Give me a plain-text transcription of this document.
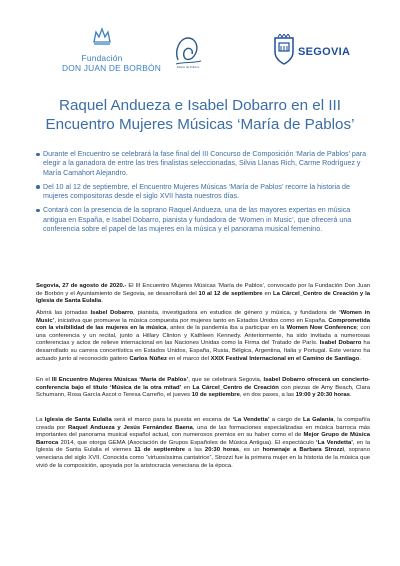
Fundación
DON JUAN DE BORBÓN	María de Pablos
SEGOVIA
Raquel Andueza e Isabel Dobarro en el III Encuentro Mujeres Músicas ‘María de Pablos’
Durante el Encuentro se celebrará la fase final del III Concurso de Composición ‘María de Pablos’ para elegir a la ganadora de entre las tres finalistas seleccionadas, Silvia Llanas Rich, Carme Rodríguez y María Camahort Alejandro.
Del 10 al 12 de septiembre, el Encuentro Mujeres Músicas ‘María de Pablos’ recorre la historia de mujeres compositoras desde el siglo XVII hasta nuestros días.
Contará con la presencia de la soprano Raquel Andueza, una de las mayores expertas en música antigua en España, e Isabel Dobarro, pianista y fundadora de ‘Women in Music’, que ofrecerá una conferencia sobre el papel de las mujeres en la música y el panorama musical femenino.

Segovia, 27 de agosto de 2020.- El III Encuentro Mujeres Músicas ‘María de Pablos’, convocado por la Fundación Don Juan de Borbón y el Ayuntamiento de Segovia, se desarrollará del 10 al 12 de septiembre en La Cárcel_Centro de Creación y la Iglesia de Santa Eulalia.

Abrirá las jornadas Isabel Dobarro, pianista, investigadora en estudios de género y música, y fundadora de ‘Women in Music’, iniciativa que promueve la música compuesta por mujeres tanto en Estados Unidos como en España. Comprometida con la visibilidad de las mujeres en la música, antes de la pandemia iba a participar en la Women Now Conference; con una conferencia y un recital, junto a Hillary Clinton y Kathleen Kennedy. Anteriormente, ha sido invitada a numerosas conferencias y actos de relieve internacional en las Naciones Unidas como la Firma del Tratado de París. Isabel Dobarro ha desarrollado su carrera concertística en Estados Unidos, España, Rusia, Bélgica, Argentina, Italia y Portugal. Este verano ha actuado junto al reconocido gaitero Carlos Núñez en el marco del XXIX Festival Internacional en el Camino de Santiago.

En el III Encuentro Mujeres Músicas ‘María de Pablos’, que se celebrará Segovia, Isabel Dobarro ofrecerá un concierto-conferencia bajo el título ‘Música de la otra mitad’ en La Cárcel_Centro de Creación con piezas de Amy Beach, Clara Schumann, Rosa García Ascot o Teresa Carreño, el jueves 10 de septiembre, en dos pases, a las 19:00 y 20:30 horas.

La Iglesia de Santa Eulalia será el marco para la puesta en escena de ‘La Vendetta’ a cargo de La Galanía, la compañía creada por Raquel Andueza y Jesús Fernández Baena, una de las formaciones especializadas en música barroca más importantes del panorama musical español actual, con numerosos premios en su haber como el de Mejor Grupo de Música Barroca 2014, que otorga GEMA (Asociación de Grupos Españoles de Música Antigua). El espectáculo ‘La Vendetta’, en la Iglesia de Santa Eulalia el viernes 11 de septiembre a las 20:30 horas, es un homenaje a Barbara Strozzi, soprano veneciana del siglo XVII. Conocida como “virtuosíssima cantatrice”, Strozzi fue la primera mujer en la historia de la música que vivió de la composición, apoyada por la aristocracia veneciana de la época.
